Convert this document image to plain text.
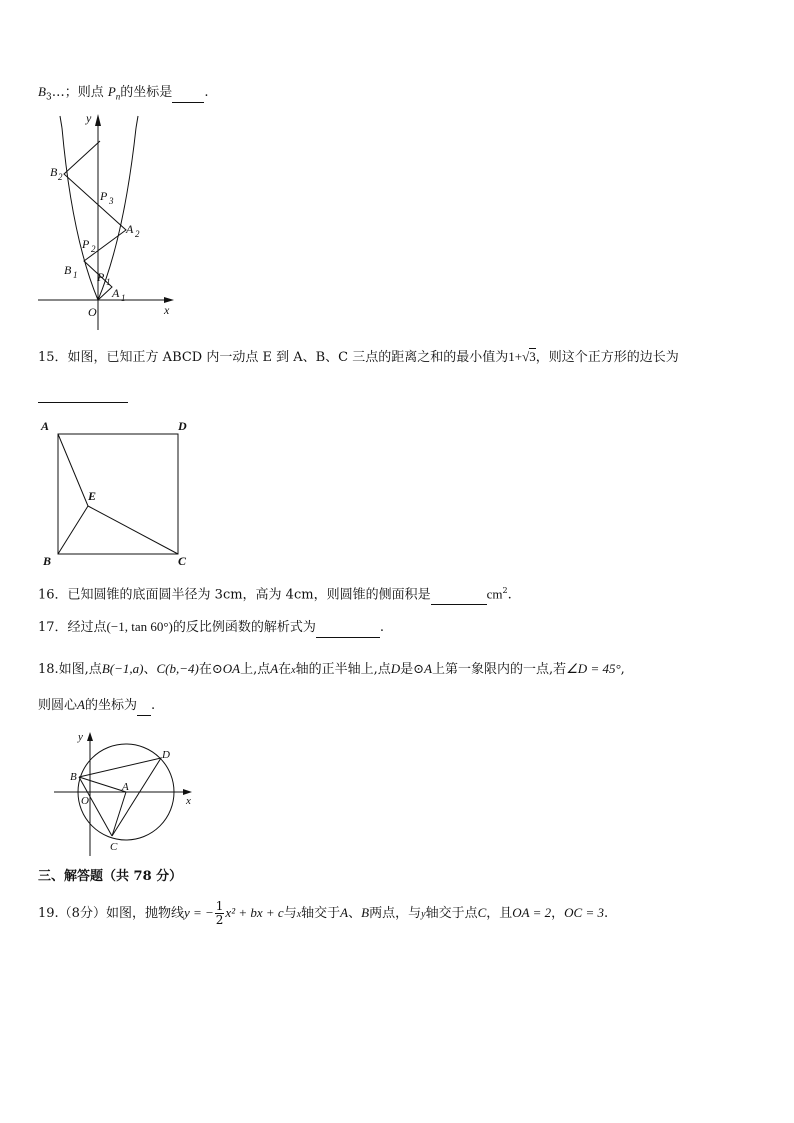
$B_3\dots$；则点 $P_n$的坐标是 .
y
x
O
B 2
P 3
A 2
P 2
B 1 P 1
A 1
15．如图，已知正方 ABCD 内一动点 E 到 A、B、C 三点的距离之和的最小值为1+√3，则这个正方形的边长为

A	D
E
B	C
16．已知圆锥的底面圆半径为 3cm，高为 4cm，则圆锥的侧面积是	$cm^2$.
17．经过点(−1, tan 60°)的反比例函数的解析式为	.
18.如图,点B(−1,a)、C(b,−4)在⊙OA上,点A在x轴的正半轴上,点D是⊙A上第一象限内的一点,若∠D = 45°,
则圆心A的坐标为 .
y
x
O
A
B
C
D
三、解答题（共 78 分）
19.（8分）如图，抛物线y = − $\frac{1}{2} x^2$ + bx + c与x轴交于A、B两点，与y轴交于点C，且OA = 2，OC = 3.
